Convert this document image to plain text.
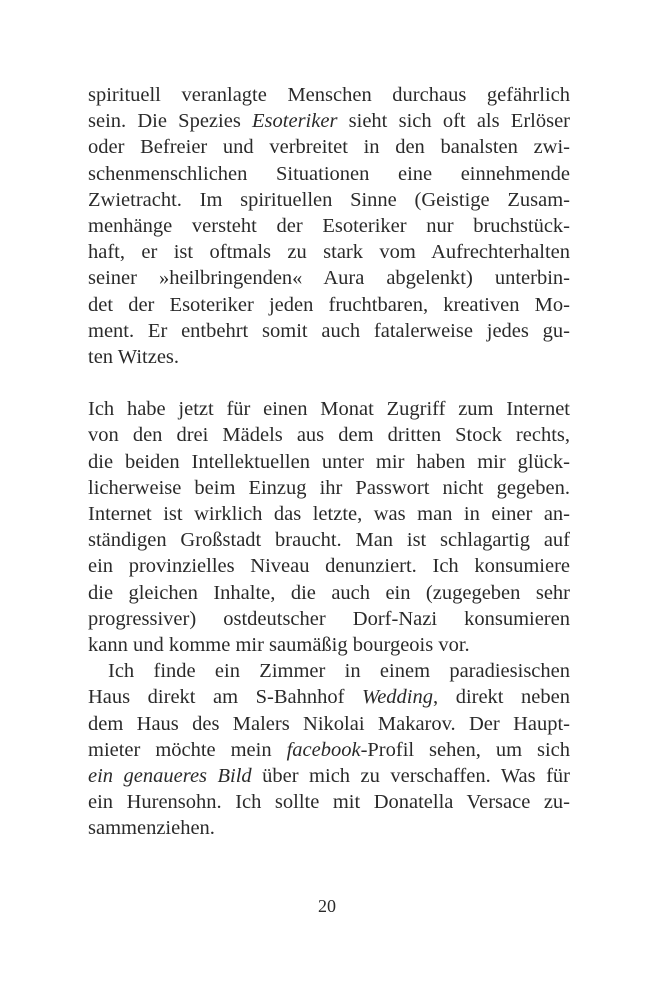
spirituell veranlagte Menschen durchaus gefährlich
sein. Die Spezies Esoteriker sieht sich oft als Erlöser
oder Befreier und verbreitet in den banalsten zwi-
schenmenschlichen Situationen eine einnehmende
Zwietracht. Im spirituellen Sinne (Geistige Zusam-
menhänge versteht der Esoteriker nur bruchstück-
haft, er ist oftmals zu stark vom Aufrechterhalten
seiner »heilbringenden« Aura abgelenkt) unterbin-
det der Esoteriker jeden fruchtbaren, kreativen Mo-
ment. Er entbehrt somit auch fatalerweise jedes gu-
ten Witzes.
Ich habe jetzt für einen Monat Zugriff zum Internet
von den drei Mädels aus dem dritten Stock rechts,
die beiden Intellektuellen unter mir haben mir glück-
licherweise beim Einzug ihr Passwort nicht gegeben.
Internet ist wirklich das letzte, was man in einer an-
ständigen Großstadt braucht. Man ist schlagartig auf
ein provinzielles Niveau denunziert. Ich konsumiere
die gleichen Inhalte, die auch ein (zugegeben sehr
progressiver) ostdeutscher Dorf-Nazi konsumieren
kann und komme mir saumäßig bourgeois vor.
Ich finde ein Zimmer in einem paradiesischen
Haus direkt am S-Bahnhof Wedding, direkt neben
dem Haus des Malers Nikolai Makarov. Der Haupt-
mieter möchte mein facebook-Profil sehen, um sich
ein genaueres Bild über mich zu verschaffen. Was für
ein Hurensohn. Ich sollte mit Donatella Versace zu-
sammenziehen.
20
